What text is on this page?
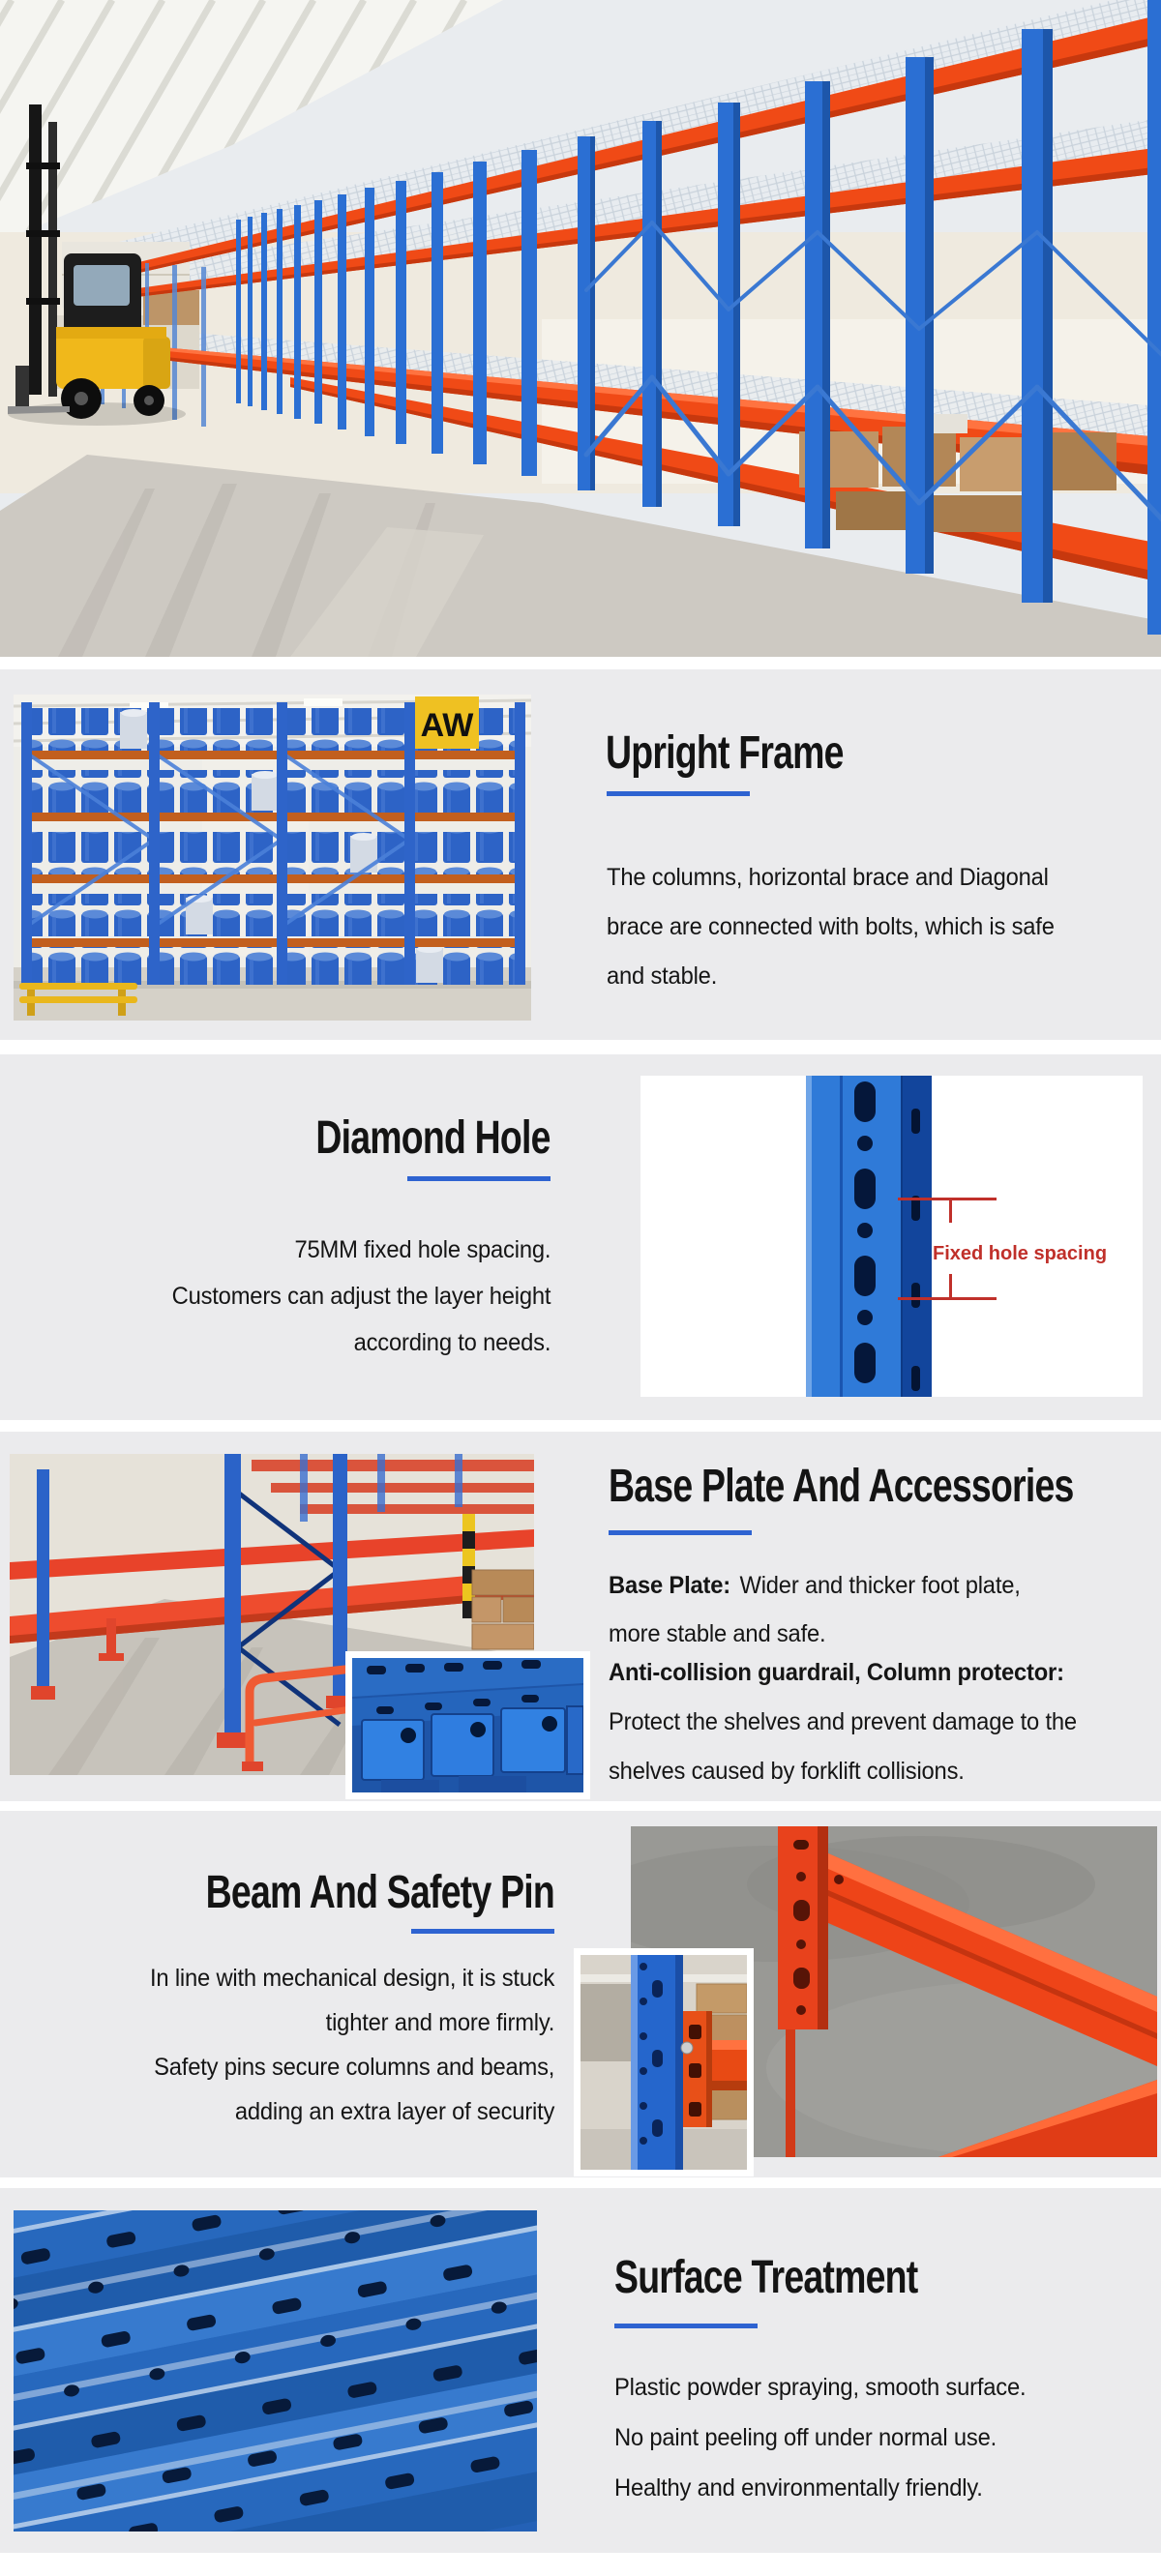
AW
Upright Frame
The columns, horizontal brace and Diagonal
brace are connected with bolts, which is safe
and stable.
Diamond Hole
75MM fixed hole spacing.
Customers can adjust the layer height
according to needs.
Fixed hole spacing
Base Plate And Accessories
Base Plate: Wider and thicker foot plate,
more stable and safe.
Anti-collision guardrail, Column protector:
Protect the shelves and prevent damage to the
shelves caused by forklift collisions.
Beam And Safety Pin
In line with mechanical design, it is stuck
tighter and more firmly.
Safety pins secure columns and beams,
adding an extra layer of security
Surface Treatment
Plastic powder spraying, smooth surface.
No paint peeling off under normal use.
Healthy and environmentally friendly.
